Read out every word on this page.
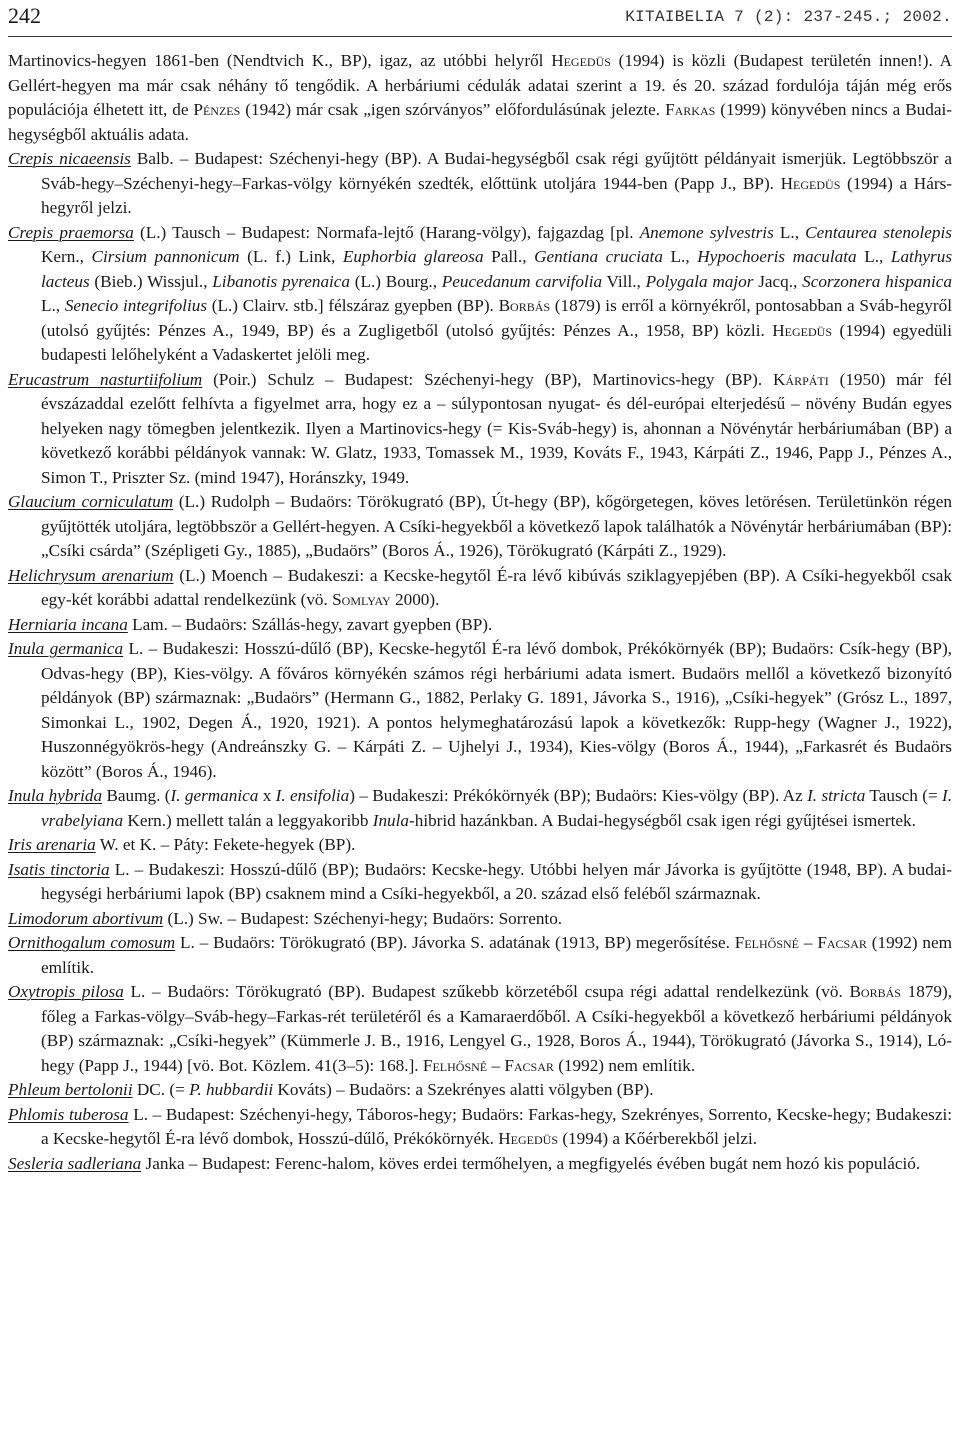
242	KITAIBELIA 7 (2): 237-245.; 2002.

Martinovics-hegyen 1861-ben (Nendtvich K., BP), igaz, az utóbbi helyről Hegedüs (1994) is közli (Budapest területén innen!). A Gellért-hegyen ma már csak néhány tő tengődik. A herbáriumi cédulák adatai szerint a 19. és 20. század fordulója táján még erős populációja élhetett itt, de Pénzes (1942) már csak „igen szórványos” előfordulásúnak jelezte. Farkas (1999) könyvében nincs a Budai-hegységből aktuális adata.

Crepis nicaeensis Balb. – Budapest: Széchenyi-hegy (BP). A Budai-hegységből csak régi gyűjtött példányait ismerjük. Legtöbbször a Sváb-hegy–Széchenyi-hegy–Farkas-völgy környékén szedték, előttünk utoljára 1944-ben (Papp J., BP). Hegedüs (1994) a Hárs-hegyről jelzi.

Crepis praemorsa (L.) Tausch – Budapest: Normafa-lejtő (Harang-völgy), fajgazdag [pl. Anemone sylvestris L., Centaurea stenolepis Kern., Cirsium pannonicum (L. f.) Link, Euphorbia glareosa Pall., Gentiana cruciata L., Hypochoeris maculata L., Lathyrus lacteus (Bieb.) Wissjul., Libanotis pyrenaica (L.) Bourg., Peucedanum carvifolia Vill., Polygala major Jacq., Scorzonera hispanica L., Senecio integrifolius (L.) Clairv. stb.] félszáraz gyepben (BP). Borbás (1879) is erről a környékről, pontosabban a Sváb-hegyről (utolsó gyűjtés: Pénzes A., 1949, BP) és a Zugligetből (utolsó gyűjtés: Pénzes A., 1958, BP) közli. Hegedüs (1994) egyedüli budapesti lelőhelyként a Vadaskertet jelöli meg.

Erucastrum nasturtiifolium (Poir.) Schulz – Budapest: Széchenyi-hegy (BP), Martinovics-hegy (BP). Kárpáti (1950) már fél évszázaddal ezelőtt felhívta a figyelmet arra, hogy ez a – súlypontosan nyugat- és dél-európai elterjedésű – növény Budán egyes helyeken nagy tömegben jelentkezik. Ilyen a Martinovics-hegy (= Kis-Sváb-hegy) is, ahonnan a Növénytár herbáriumában (BP) a következő korábbi példányok vannak: W. Glatz, 1933, Tomassek M., 1939, Kováts F., 1943, Kárpáti Z., 1946, Papp J., Pénzes A., Simon T., Priszter Sz. (mind 1947), Horánszky, 1949.

Glaucium corniculatum (L.) Rudolph – Budaörs: Törökugrató (BP), Út-hegy (BP), kőgörgetegen, köves letörésen. Területünkön régen gyűjtötték utoljára, legtöbbször a Gellért-hegyen. A Csíki-hegyekből a következő lapok találhatók a Növénytár herbáriumában (BP): „Csíki csárda” (Szépligeti Gy., 1885), „Budaörs” (Boros Á., 1926), Törökugrató (Kárpáti Z., 1929).

Helichrysum arenarium (L.) Moench – Budakeszi: a Kecske-hegytől É-ra lévő kibúvás sziklagyepjében (BP). A Csíki-hegyekből csak egy-két korábbi adattal rendelkezünk (vö. Somlyay 2000).

Herniaria incana Lam. – Budaörs: Szállás-hegy, zavart gyepben (BP).

Inula germanica L. – Budakeszi: Hosszú-dűlő (BP), Kecske-hegytől É-ra lévő dombok, Prékókörnyék (BP); Budaörs: Csík-hegy (BP), Odvas-hegy (BP), Kies-völgy. A főváros környékén számos régi herbáriumi adata ismert. Budaörs mellől a következő bizonyító példányok (BP) származnak: „Budaörs” (Hermann G., 1882, Perlaky G. 1891, Jávorka S., 1916), „Csíki-hegyek” (Grósz L., 1897, Simonkai L., 1902, Degen Á., 1920, 1921). A pontos helymeghatározású lapok a következők: Rupp-hegy (Wagner J., 1922), Huszonnégyökrös-hegy (Andreánszky G. – Kárpáti Z. – Ujhelyi J., 1934), Kies-völgy (Boros Á., 1944), „Farkasrét és Budaörs között” (Boros Á., 1946).

Inula hybrida Baumg. (I. germanica x I. ensifolia) – Budakeszi: Prékókörnyék (BP); Budaörs: Kies-völgy (BP). Az I. stricta Tausch (= I. vrabelyiana Kern.) mellett talán a leggyakoribb Inula-hibrid hazánkban. A Budai-hegységből csak igen régi gyűjtései ismertek.

Iris arenaria W. et K. – Páty: Fekete-hegyek (BP).

Isatis tinctoria L. – Budakeszi: Hosszú-dűlő (BP); Budaörs: Kecske-hegy. Utóbbi helyen már Jávorka is gyűjtötte (1948, BP). A budai-hegységi herbáriumi lapok (BP) csaknem mind a Csíki-hegyekből, a 20. század első feléből származnak.

Limodorum abortivum (L.) Sw. – Budapest: Széchenyi-hegy; Budaörs: Sorrento.

Ornithogalum comosum L. – Budaörs: Törökugrató (BP). Jávorka S. adatának (1913, BP) megerősítése. Felhősné – Facsar (1992) nem említik.

Oxytropis pilosa L. – Budaörs: Törökugrató (BP). Budapest szűkebb körzetéből csupa régi adattal rendelkezünk (vö. Borbás 1879), főleg a Farkas-völgy–Sváb-hegy–Farkas-rét területéről és a Kamaraerdőből. A Csíki-hegyekből a következő herbáriumi példányok (BP) származnak: „Csíki-hegyek” (Kümmerle J. B., 1916, Lengyel G., 1928, Boros Á., 1944), Törökugrató (Jávorka S., 1914), Ló-hegy (Papp J., 1944) [vö. Bot. Közlem. 41(3–5): 168.]. Felhősné – Facsar (1992) nem említik.

Phleum bertolonii DC. (= P. hubbardii Kováts) – Budaörs: a Szekrényes alatti völgyben (BP).

Phlomis tuberosa L. – Budapest: Széchenyi-hegy, Táboros-hegy; Budaörs: Farkas-hegy, Szekrényes, Sorrento, Kecske-hegy; Budakeszi: a Kecske-hegytől É-ra lévő dombok, Hosszú-dűlő, Prékókörnyék. Hegedüs (1994) a Kőérberekből jelzi.

Sesleria sadleriana Janka – Budapest: Ferenc-halom, köves erdei termőhelyen, a megfigyelés évében bugát nem hozó kis populáció.
